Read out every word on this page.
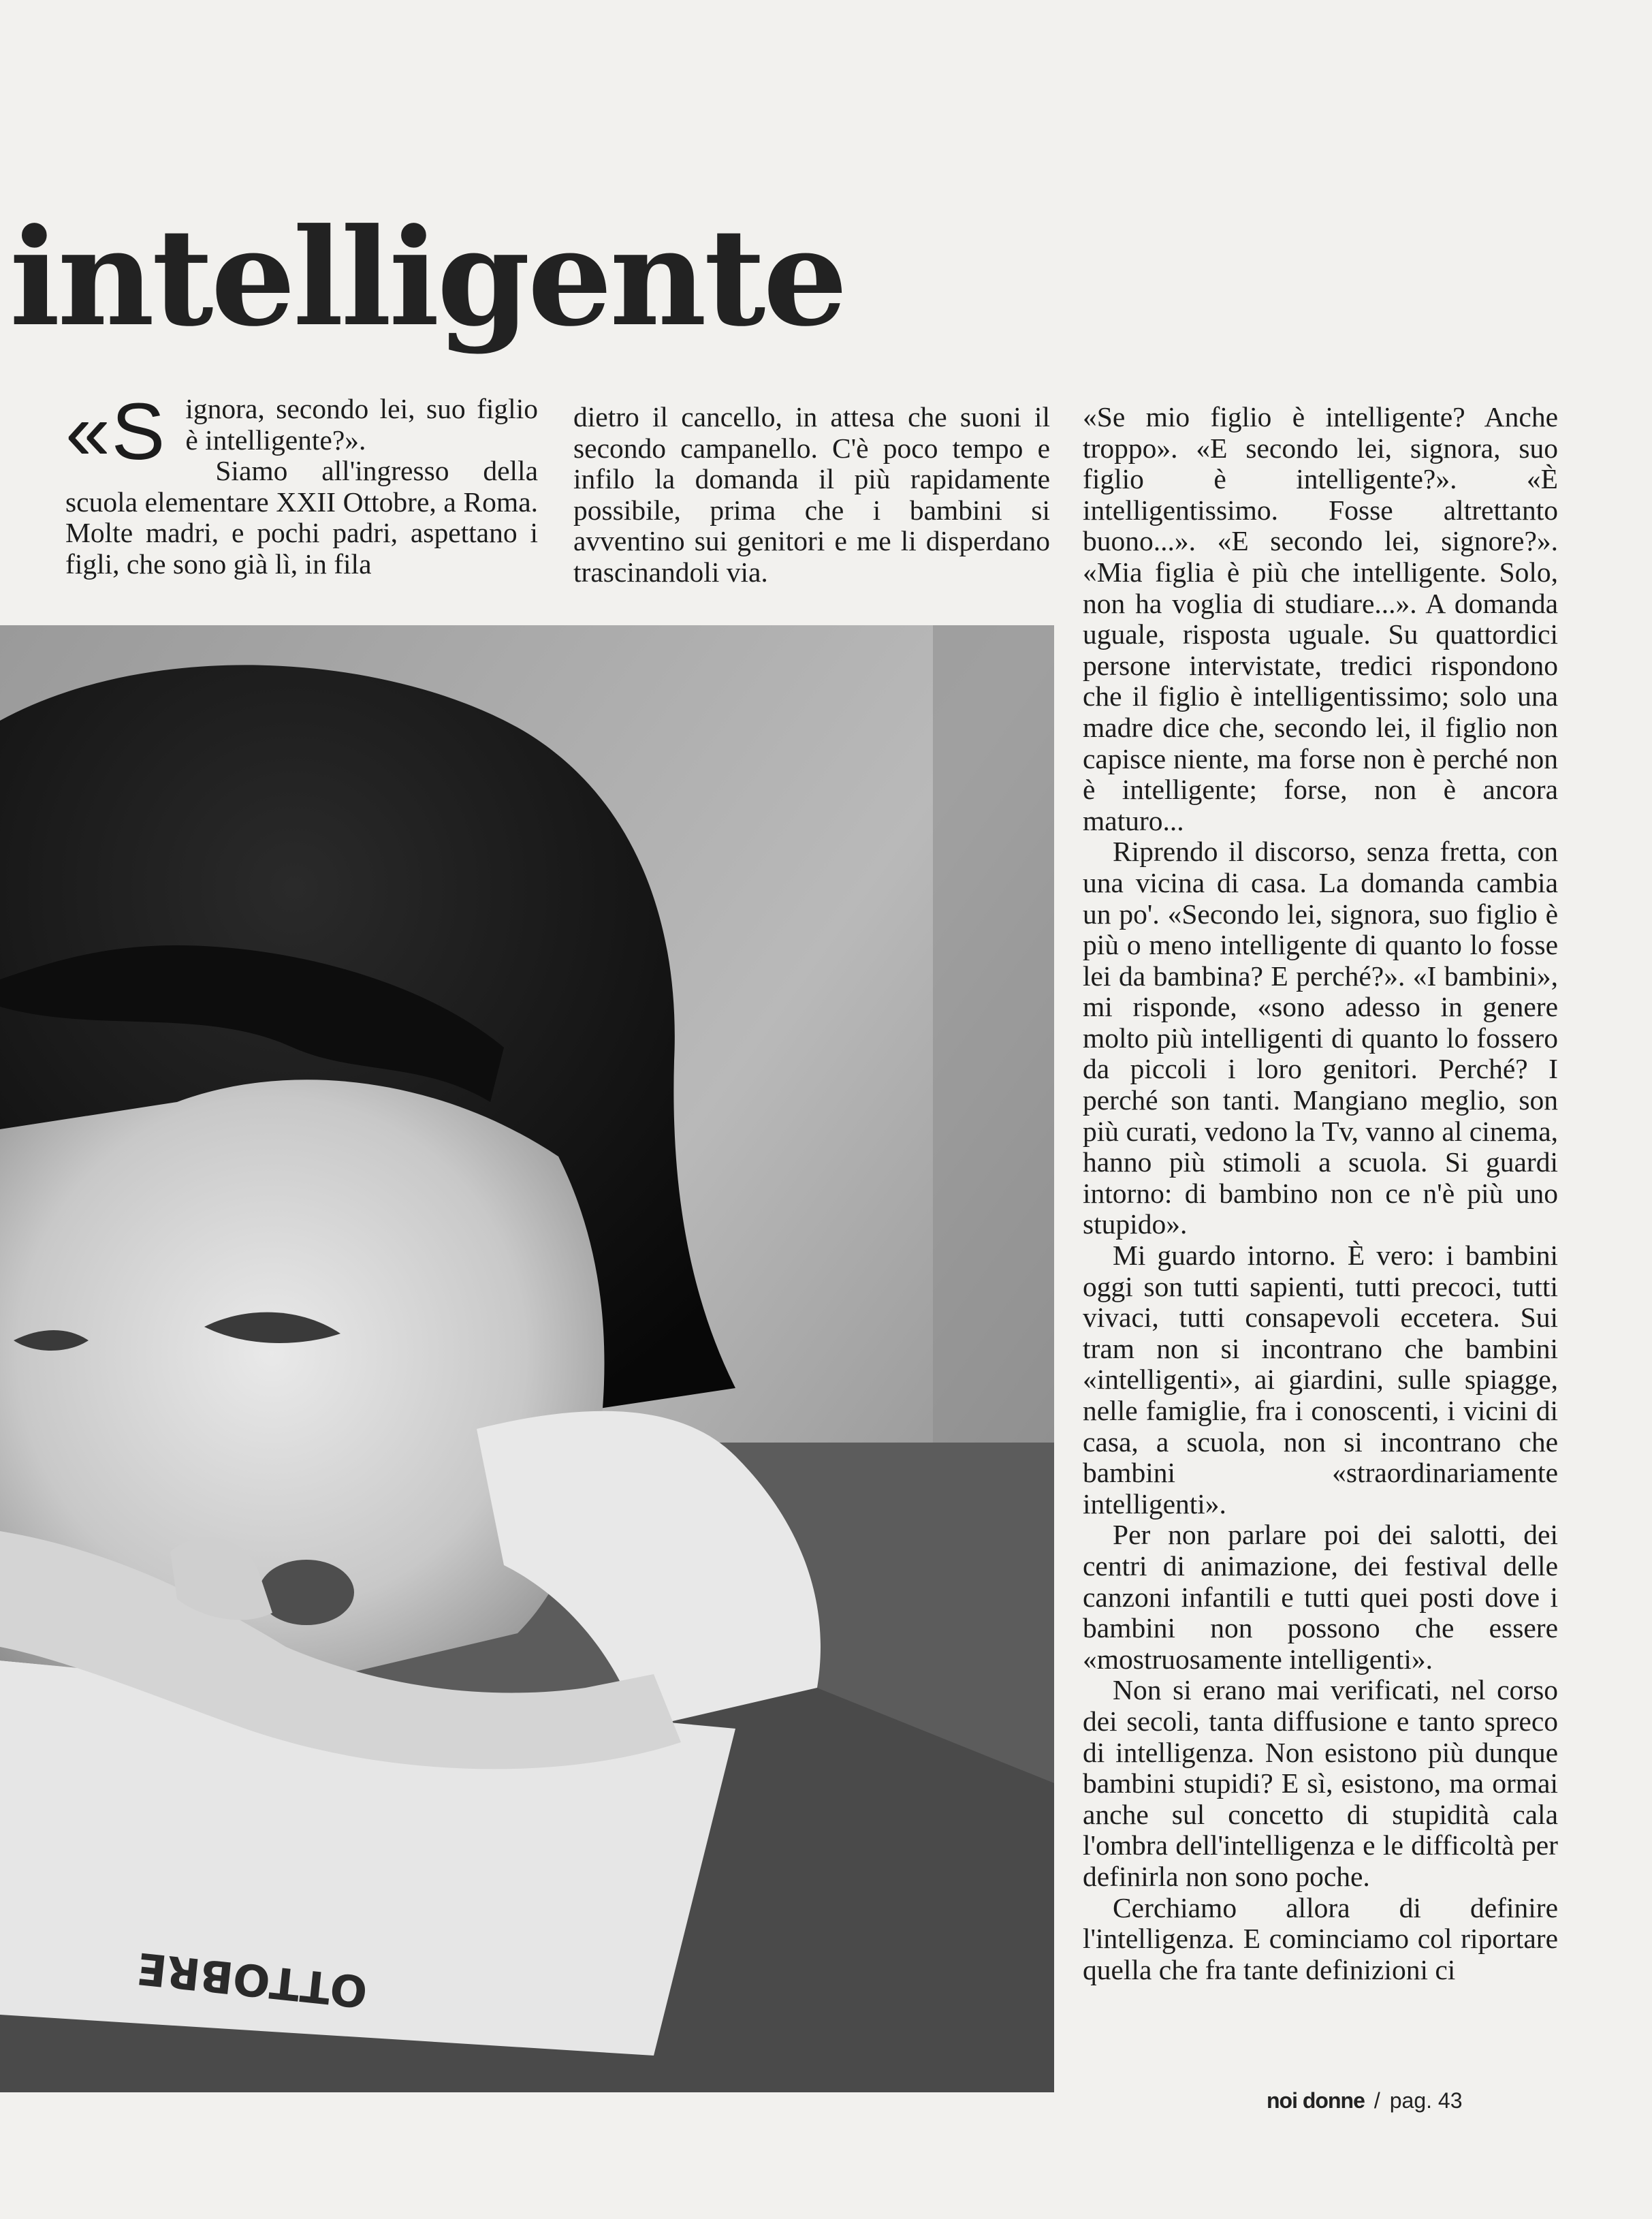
intelligente

«Signora, secondo lei, suo figlio è intelligente?».

Siamo all'ingresso della scuola elementare XXII Ottobre, a Roma. Molte madri, e pochi padri, aspettano i figli, che sono già lì, in fila

dietro il cancello, in attesa che suoni il secondo campanello. C'è poco tempo e infilo la domanda il più rapidamente possibile, prima che i bambini si avventino sui genitori e me li disperdano trascinandoli via.

OTTOBRE

«Se mio figlio è intelligente? Anche troppo». «E secondo lei, signora, suo figlio è intelligente?». «È intelligentissimo. Fosse altrettanto buono...». «E secondo lei, signore?». «Mia figlia è più che intelligente. Solo, non ha voglia di studiare...». A domanda uguale, risposta uguale. Su quattordici persone intervistate, tredici rispondono che il figlio è intelligentissimo; solo una madre dice che, secondo lei, il figlio non capisce niente, ma forse non è perché non è intelligente; forse, non è ancora maturo...

Riprendo il discorso, senza fretta, con una vicina di casa. La domanda cambia un po'. «Secondo lei, signora, suo figlio è più o meno intelligente di quanto lo fosse lei da bambina? E perché?». «I bambini», mi risponde, «sono adesso in genere molto più intelligenti di quanto lo fossero da piccoli i loro genitori. Perché? I perché son tanti. Mangiano meglio, son più curati, vedono la Tv, vanno al cinema, hanno più stimoli a scuola. Si guardi intorno: di bambino non ce n'è più uno stupido».

Mi guardo intorno. È vero: i bambini oggi son tutti sapienti, tutti precoci, tutti vivaci, tutti consapevoli eccetera. Sui tram non si incontrano che bambini «intelligenti», ai giardini, sulle spiagge, nelle famiglie, fra i conoscenti, i vicini di casa, a scuola, non si incontrano che bambini «straordinariamente intelligenti».

Per non parlare poi dei salotti, dei centri di animazione, dei festival delle canzoni infantili e tutti quei posti dove i bambini non possono che essere «mostruosamente intelligenti».

Non si erano mai verificati, nel corso dei secoli, tanta diffusione e tanto spreco di intelligenza. Non esistono più dunque bambini stupidi? E sì, esistono, ma ormai anche sul concetto di stupidità cala l'ombra dell'intelligenza e le difficoltà per definirla non sono poche.

Cerchiamo allora di definire l'intelligenza. E cominciamo col riportare quella che fra tante definizioni ci

noi donne / pag. 43
